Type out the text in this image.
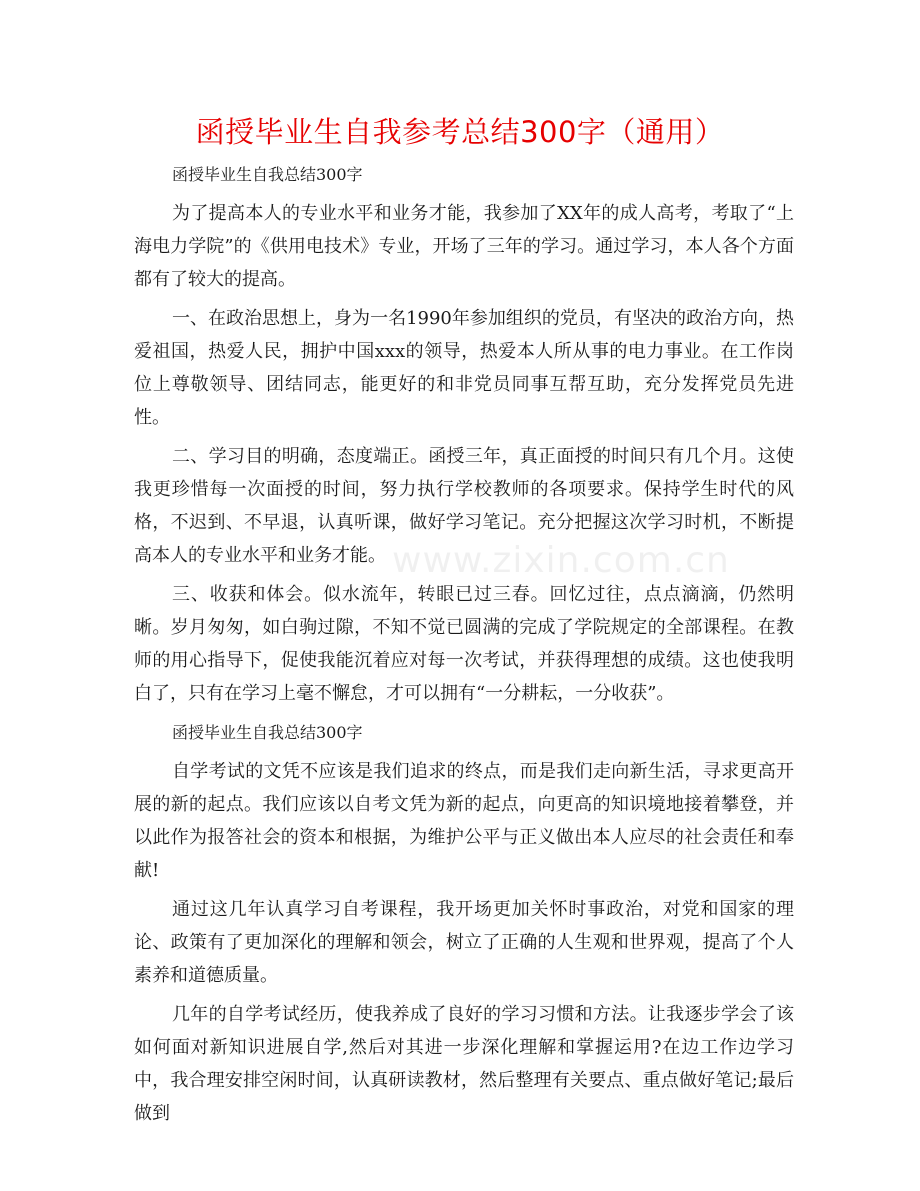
函授毕业生自我参考总结300字（通用）
www.zixin.com.cn

函授毕业生自我总结300字

为了提高本人的专业水平和业务才能，我参加了XX年的成人高考，考取了“上海电力学院”的《供用电技术》专业，开场了三年的学习。通过学习，本人各个方面都有了较大的提高。

一、在政治思想上，身为一名1990年参加组织的党员，有坚决的政治方向，热爱祖国，热爱人民，拥护中国xxx的领导，热爱本人所从事的电力事业。在工作岗位上尊敬领导、团结同志，能更好的和非党员同事互帮互助，充分发挥党员先进性。

二、学习目的明确，态度端正。函授三年，真正面授的时间只有几个月。这使我更珍惜每一次面授的时间，努力执行学校教师的各项要求。保持学生时代的风格，不迟到、不早退，认真听课，做好学习笔记。充分把握这次学习时机，不断提高本人的专业水平和业务才能。

三、收获和体会。似水流年，转眼已过三春。回忆过往，点点滴滴，仍然明晰。岁月匆匆，如白驹过隙，不知不觉已圆满的完成了学院规定的全部课程。在教师的用心指导下，促使我能沉着应对每一次考试，并获得理想的成绩。这也使我明白了，只有在学习上毫不懈怠，才可以拥有“一分耕耘，一分收获”。

函授毕业生自我总结300字

自学考试的文凭不应该是我们追求的终点，而是我们走向新生活，寻求更高开展的新的起点。我们应该以自考文凭为新的起点，向更高的知识境地接着攀登，并以此作为报答社会的资本和根据，为维护公平与正义做出本人应尽的社会责任和奉献!

通过这几年认真学习自考课程，我开场更加关怀时事政治，对党和国家的理论、政策有了更加深化的理解和领会，树立了正确的人生观和世界观，提高了个人素养和道德质量。

几年的自学考试经历，使我养成了良好的学习习惯和方法。让我逐步学会了该如何面对新知识进展自学,然后对其进一步深化理解和掌握运用?在边工作边学习中，我合理安排空闲时间，认真研读教材，然后整理有关要点、重点做好笔记;最后做到
